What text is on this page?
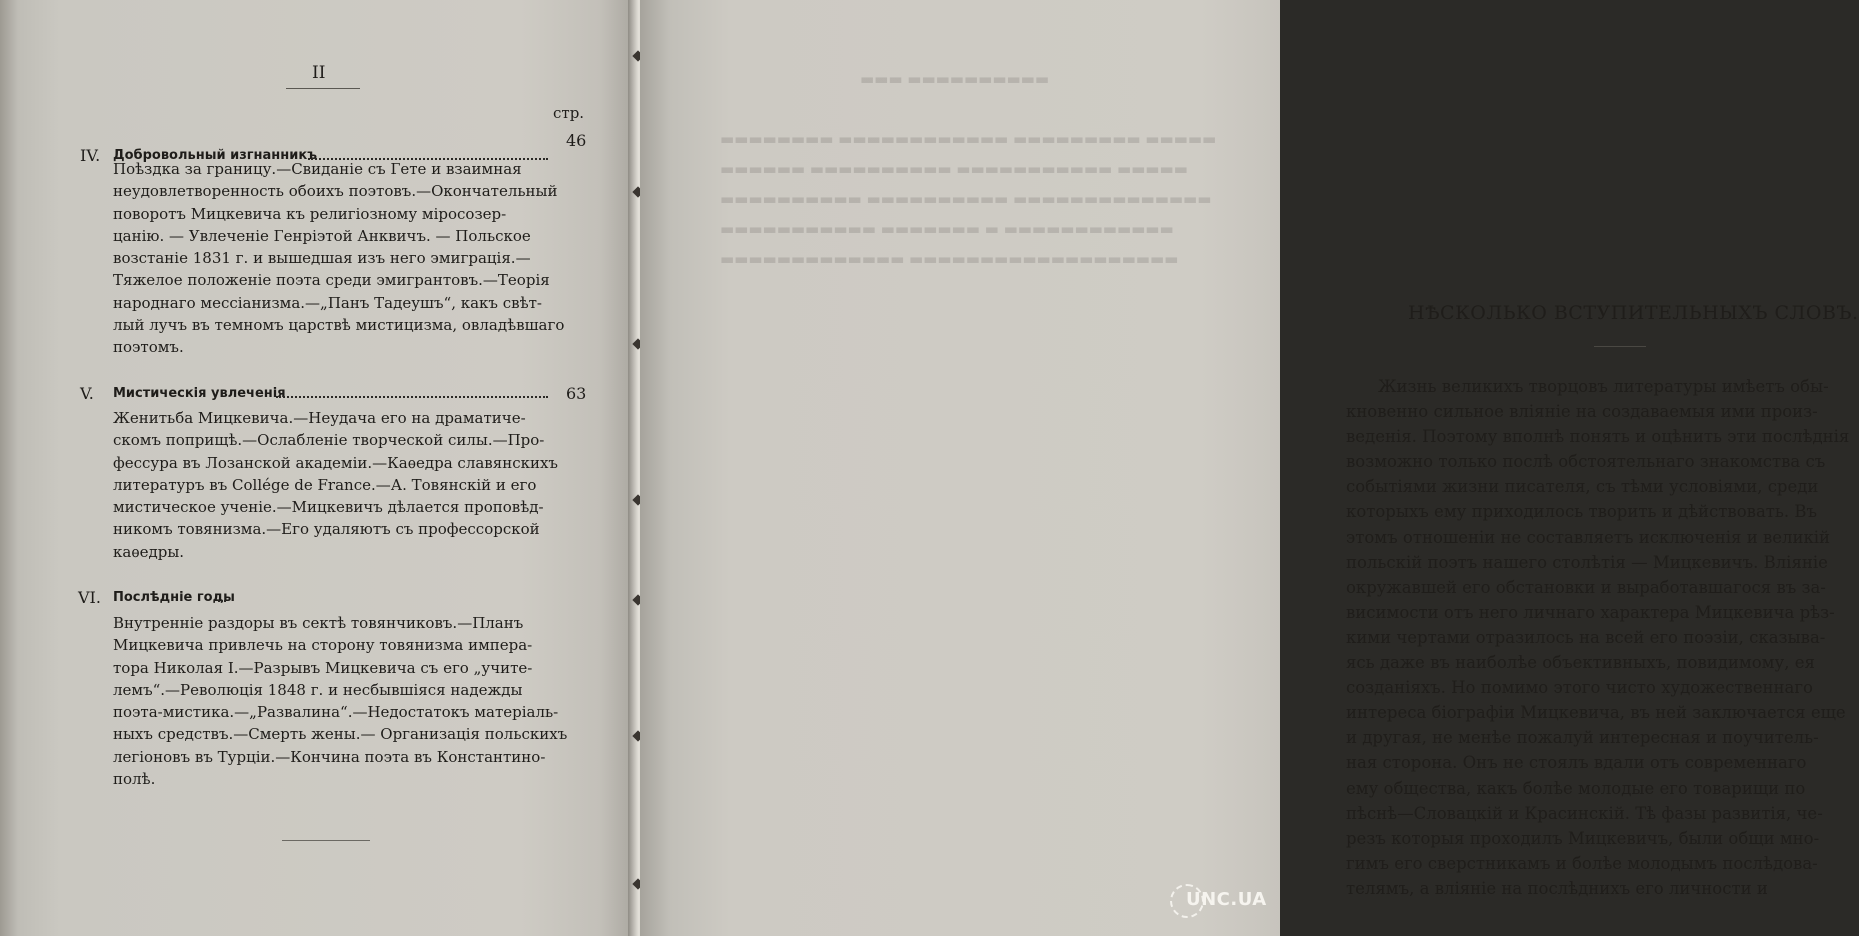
II
стр.
IV. Добровольный изгнанникъ
46
Поѣздка за границу.—Свиданіе съ Гете и взаимная
неудовлетворенность обоихъ поэтовъ.—Окончательный
поворотъ Мицкевича къ религіозному міросозер-
цанію. — Увлеченіе Генріэтой Анквичъ. — Польское
возстаніе 1831 г. и вышедшая изъ него эмиграція.—
Тяжелое положеніе поэта среди эмигрантовъ.—Теорія
народнаго мессіанизма.—„Панъ Тадеушъ“, какъ свѣт-
лый лучъ въ темномъ царствѣ мистицизма, овладѣвшаго
поэтомъ.
V. Мистическія увлеченія	63
Женитьба Мицкевича.—Неудача его на драматиче-
скомъ поприщѣ.—Ослабленіе творческой силы.—Про-
фессура въ Лозанской академіи.—Каѳедра славянскихъ
литературъ въ Collége de France.—А. Товянскій и его
мистическое ученіе.—Мицкевичъ дѣлается проповѣд-
никомъ товянизма.—Его удаляютъ съ профессорской
каѳедры.
VI. Послѣдніе годы
Внутренніе раздоры въ сектѣ товянчиковъ.—Планъ
Мицкевича привлечь на сторону товянизма импера-
тора Николая I.—Разрывъ Мицкевича съ его „учите-
лемъ“.—Революція 1848 г. и несбывшіяся надежды
поэта-мистика.—„Развалина“.—Недостатокъ матеріаль-
ныхъ средствъ.—Смерть жены.— Организація польскихъ
легіоновъ въ Турціи.—Кончина поэта въ Константино-
полѣ.
▬▬▬ ▬▬▬▬▬▬▬▬▬▬
▬▬▬▬▬▬▬▬ ▬▬▬▬▬▬▬▬▬▬▬▬ ▬▬▬▬▬▬▬▬▬ ▬▬▬▬▬
▬▬▬▬▬▬ ▬▬▬▬▬▬▬▬▬▬ ▬▬▬▬▬▬▬▬▬▬▬ ▬▬▬▬▬
▬▬▬▬▬▬▬▬▬▬ ▬▬▬▬▬▬▬▬▬▬ ▬▬▬▬▬▬▬▬▬▬▬▬▬▬
▬▬▬▬▬▬▬▬▬▬▬ ▬▬▬▬▬▬▬ ▬ ▬▬▬▬▬▬▬▬▬▬▬▬
▬▬▬▬▬▬▬▬▬▬▬▬▬ ▬▬▬▬▬▬▬▬▬▬▬▬▬▬▬▬▬▬▬
НѢСКОЛЬКО ВСТУПИТЕЛЬНЫХЪ СЛОВЪ.
Жизнь великихъ творцовъ литературы имѣетъ обы-
кновенно сильное вліяніе на создаваемыя ими произ-
веденія. Поэтому вполнѣ понять и оцѣнить эти послѣднія
возможно только послѣ обстоятельнаго знакомства съ
событіями жизни писателя, съ тѣми условіями, среди
которыхъ ему приходилось творить и дѣйствовать. Въ
этомъ отношеніи не составляетъ исключенія и великій
польскій поэтъ нашего столѣтія — Мицкевичъ. Вліяніе
окружавшей его обстановки и выработавшагося въ за-
висимости отъ него личнаго характера Мицкевича рѣз-
кими чертами отразилось на всей его поэзіи, сказыва-
ясь даже въ наиболѣе объективныхъ, повидимому, ея
созданіяхъ. Но помимо этого чисто художественнаго
интереса біографіи Мицкевича, въ ней заключается еще
и другая, не менѣе пожалуй интересная и поучитель-
ная сторона. Онъ не стоялъ вдали отъ современнаго
ему общества, какъ болѣе молодые его товарищи по
пѣснѣ—Словацкій и Красинскій. Тѣ фазы развитія, че-
резъ которыя проходилъ Мицкевичъ, были общи мно-
гимъ его сверстникамъ и болѣе молодымъ послѣдова-
телямъ, а вліяніе на послѣднихъ его личности и
UNC.UA
